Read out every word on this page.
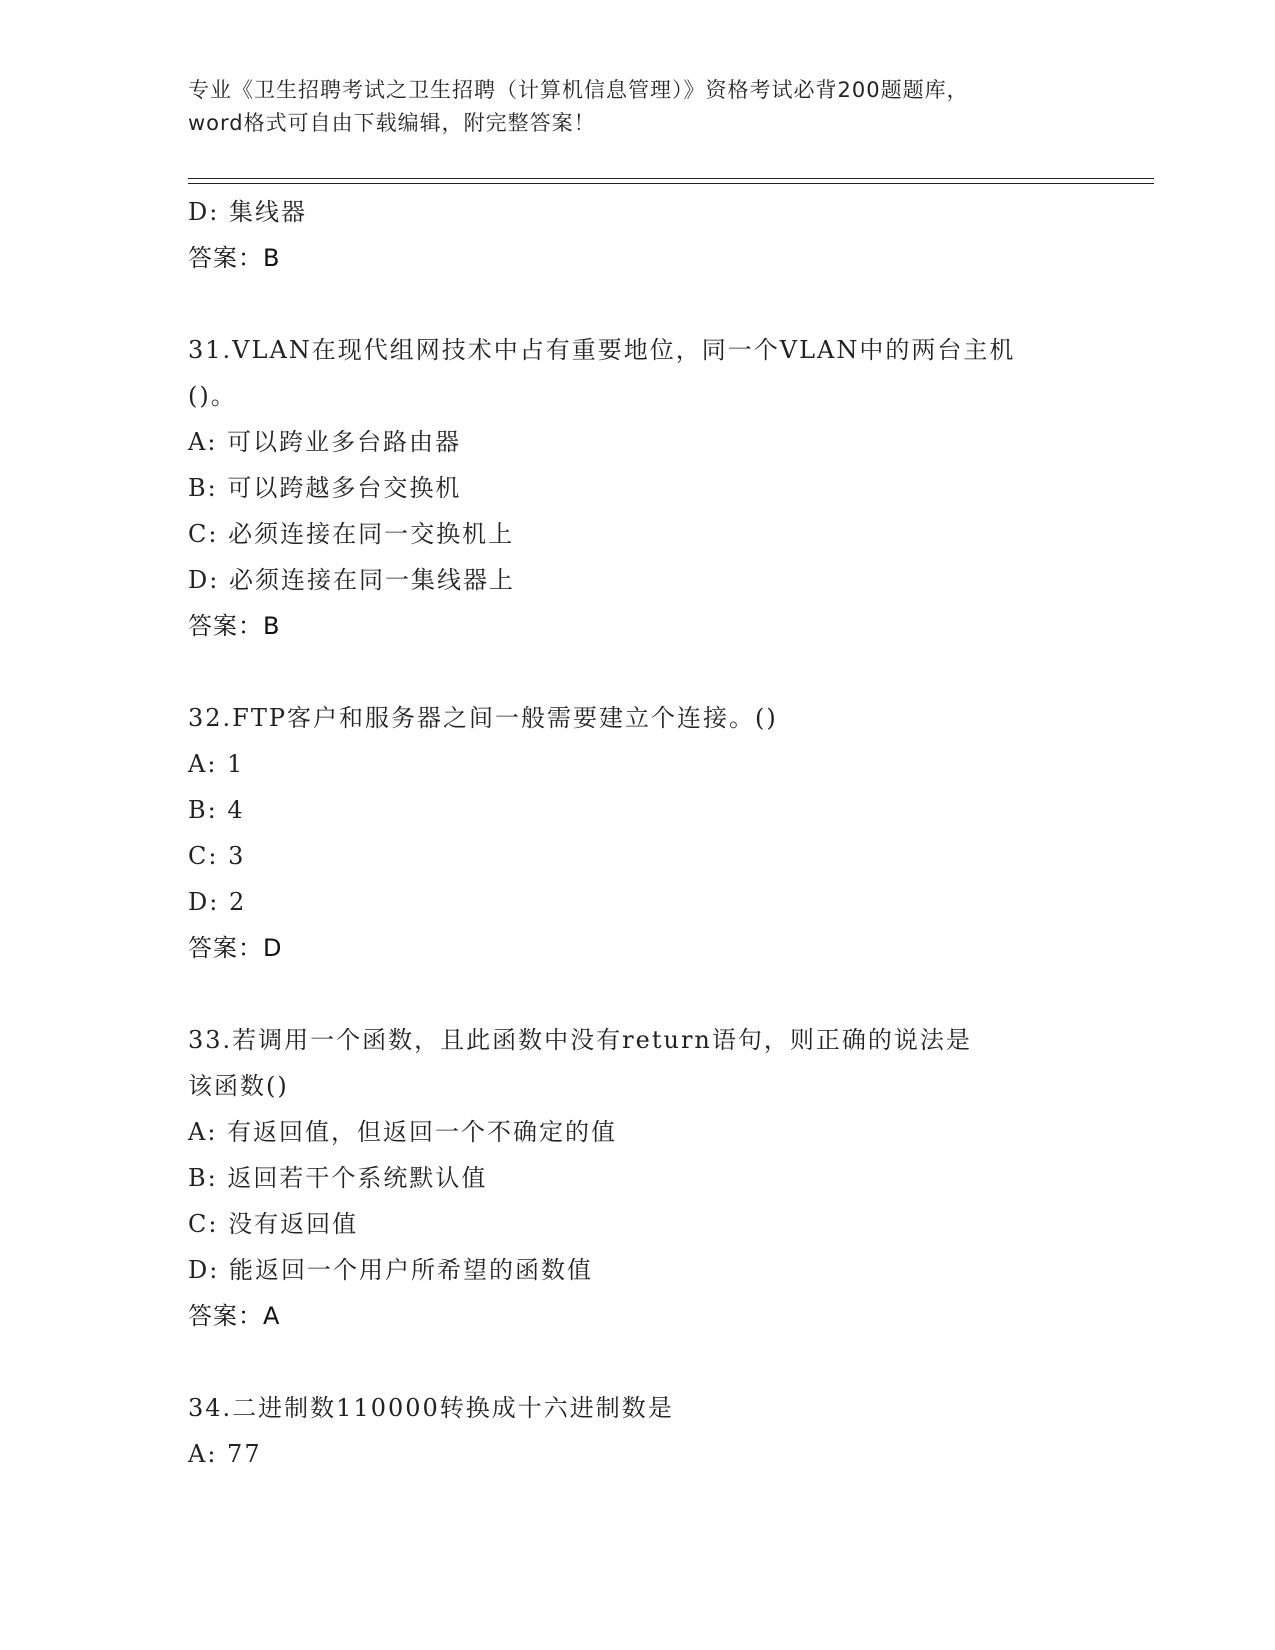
专业《卫生招聘考试之卫生招聘（计算机信息管理）》资格考试必背200题题库，
word格式可自由下载编辑，附完整答案！

D: 集线器

答案：B

31.VLAN在现代组网技术中占有重要地位，同一个VLAN中的两台主机

()。

A: 可以跨业多台路由器

B: 可以跨越多台交换机

C: 必须连接在同一交换机上

D: 必须连接在同一集线器上

答案：B

32.FTP客户和服务器之间一般需要建立个连接。()

A: 1

B: 4

C: 3

D: 2

答案：D

33.若调用一个函数，且此函数中没有return语句，则正确的说法是

该函数()

A: 有返回值，但返回一个不确定的值

B: 返回若干个系统默认值

C: 没有返回值

D: 能返回一个用户所希望的函数值

答案：A

34.二进制数110000转换成十六进制数是

A: 77
